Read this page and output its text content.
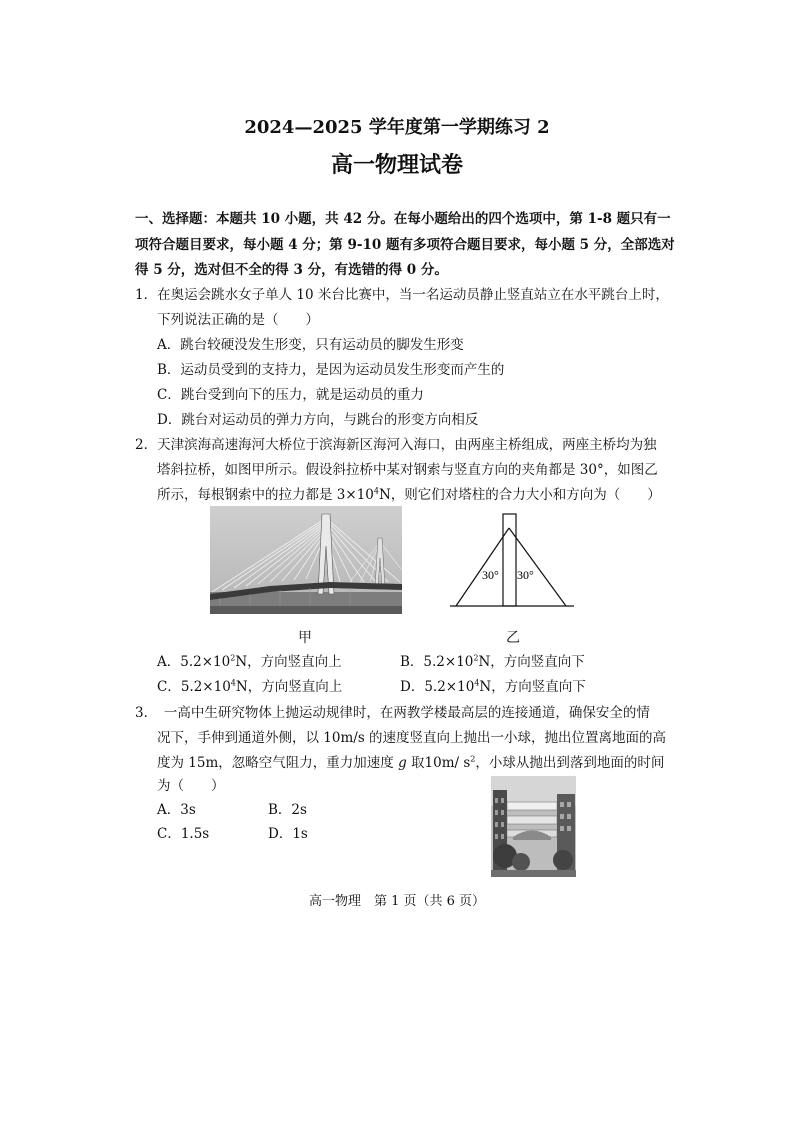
2024—2025 学年度第一学期练习 2
高一物理试卷
一、选择题：本题共 10 小题，共 42 分。在每小题给出的四个选项中，第 1-8 题只有一
项符合题目要求，每小题 4 分；第 9-10 题有多项符合题目要求，每小题 5 分，全部选对
得 5 分，选对但不全的得 3 分，有选错的得 0 分。
1．在奥运会跳水女子单人 10 米台比赛中，当一名运动员静止竖直站立在水平跳台上时，
下列说法正确的是（　　）
A．跳台较硬没发生形变，只有运动员的脚发生形变
B．运动员受到的支持力，是因为运动员发生形变而产生的
C．跳台受到向下的压力，就是运动员的重力
D．跳台对运动员的弹力方向，与跳台的形变方向相反
2．天津滨海高速海河大桥位于滨海新区海河入海口，由两座主桥组成，两座主桥均为独
塔斜拉桥，如图甲所示。假设斜拉桥中某对钢索与竖直方向的夹角都是 30°，如图乙
所示，每根钢索中的拉力都是 $3\times 10^4N$，则它们对塔柱的合力大小和方向为（　　）
30° 30°
甲	乙
A．$5.2\times 10^2N$，方向竖直向上	B．$5.2\times 10^2N$，方向竖直向下
C．$5.2\times 10^4N$，方向竖直向上	D．$5.2\times 10^4N$，方向竖直向下
3．　一高中生研究物体上抛运动规律时，在两教学楼最高层的连接通道，确保安全的情
况下，手伸到通道外侧，以 10m/s 的速度竖直向上抛出一小球，抛出位置离地面的高
度为 15m，忽略空气阻力，重力加速度 g 取10m/ $s^2$，小球从抛出到落到地面的时间
为（　　）
A．3s	B．2s
C．1.5s	D．1s
高一物理　第 1 页（共 6 页）
